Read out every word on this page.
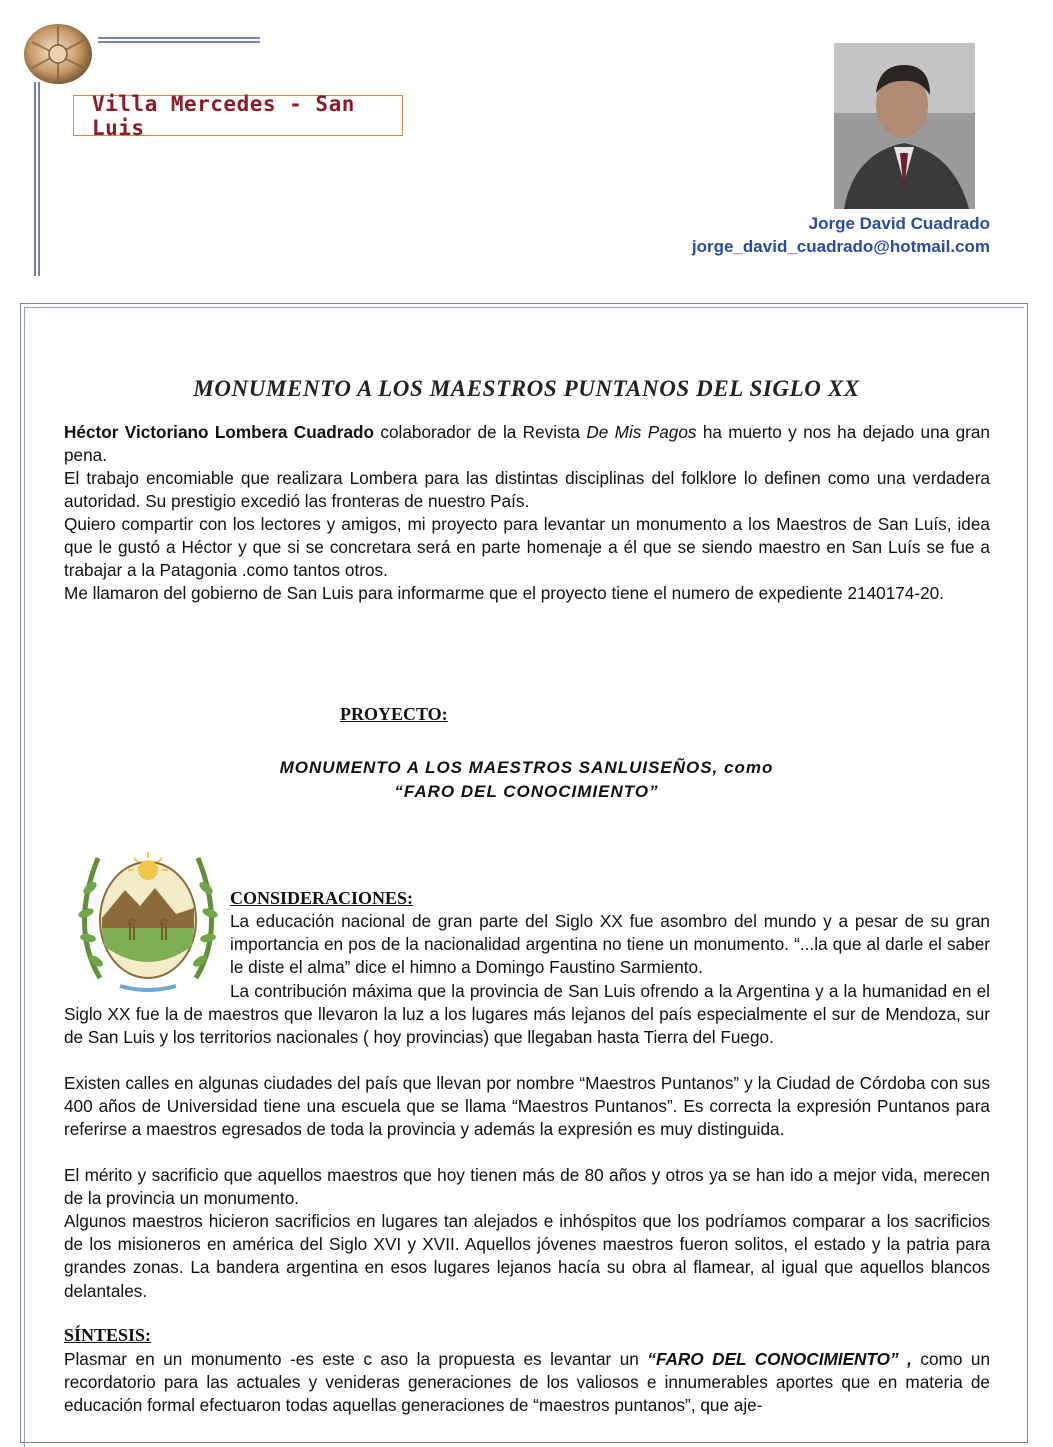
Villa Mercedes - San Luis
Jorge David Cuadrado
jorge_david_cuadrado@hotmail.com
MONUMENTO A LOS MAESTROS PUNTANOS DEL SIGLO XX

Héctor Victoriano Lombera Cuadrado colaborador de la Revista De Mis Pagos ha muerto y nos ha dejado una gran pena.

El trabajo encomiable que realizara Lombera para las distintas disciplinas del folklore lo definen como una verdadera autoridad. Su prestigio excedió las fronteras de nuestro País.

Quiero compartir con los lectores y amigos, mi proyecto para levantar un monumento a los Maestros de San Luís, idea que le gustó a Héctor y que si se concretara será en parte homenaje a él que se siendo maestro en San Luís se fue a trabajar a la Patagonia .como tantos otros.

Me llamaron del gobierno de San Luis para informarme que el proyecto tiene el numero de expediente 2140174-20.

PROYECTO:
MONUMENTO A LOS MAESTROS SANLUISEÑOS, como
“FARO DEL CONOCIMIENTO”
CONSIDERACIONES:

La educación nacional de gran parte del Siglo XX fue asombro del mundo y a pesar de su gran importancia en pos de la nacionalidad argentina no tiene un monumento. “...la que al darle el saber le diste el alma” dice el himno a Domingo Faustino Sarmiento.

La contribución máxima que la provincia de San Luis ofrendo a la Argentina y a la humanidad en el Siglo XX fue la de maestros que llevaron la luz a los lugares más lejanos del país especialmente el sur de Mendoza, sur de San Luis y los territorios nacionales ( hoy provincias) que llegaban hasta Tierra del Fuego.

Existen calles en algunas ciudades del país que llevan por nombre “Maestros Puntanos” y la Ciudad de Córdoba con sus 400 años de Universidad tiene una escuela que se llama “Maestros Puntanos”. Es correcta la expresión Puntanos para referirse a maestros egresados de toda la provincia y además la expresión es muy distinguida.

El mérito y sacrificio que aquellos maestros que hoy tienen más de 80 años y otros ya se han ido a mejor vida, merecen de la provincia un monumento.

Algunos maestros hicieron sacrificios en lugares tan alejados e inhóspitos que los podríamos comparar a los sacrificios de los misioneros en américa del Siglo XVI y XVII. Aquellos jóvenes maestros fueron solitos, el estado y la patria para grandes zonas. La bandera argentina en esos lugares lejanos hacía su obra al flamear, al igual que aquellos blancos delantales.

SÍNTESIS:

Plasmar en un monumento -es este c aso la propuesta es levantar un “FARO DEL CONOCIMIENTO” , como un recordatorio para las actuales y venideras generaciones de los valiosos e innumerables aportes que en materia de educación formal efectuaron todas aquellas generaciones de “maestros puntanos”, que aje-
